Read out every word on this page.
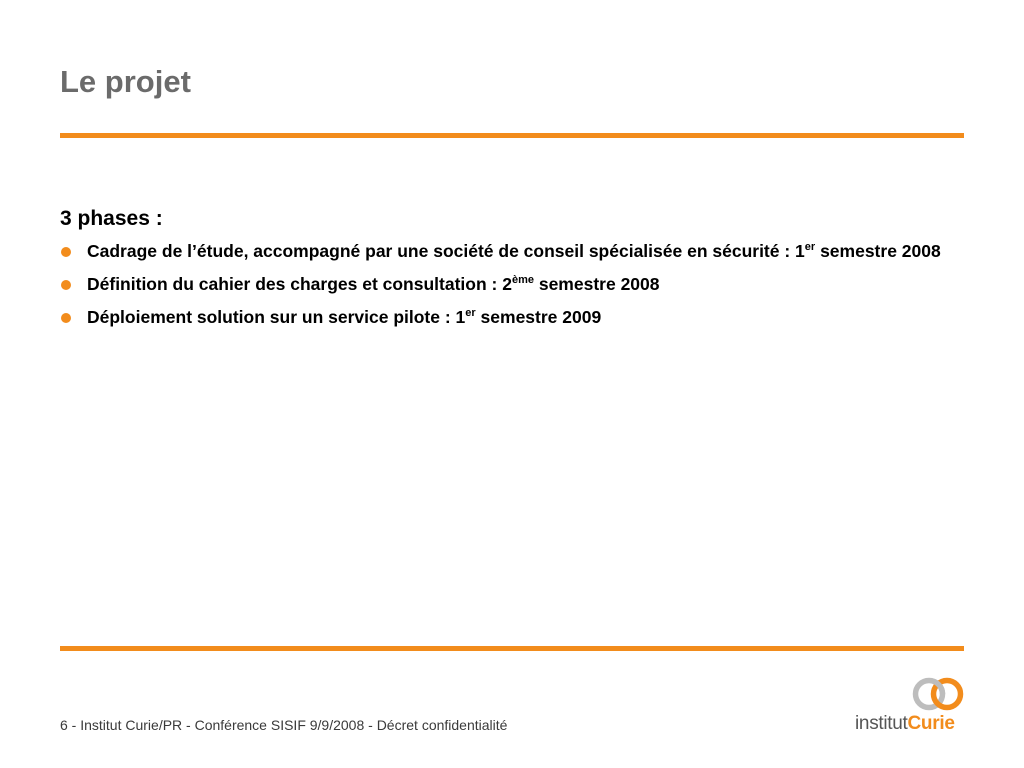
Le projet

3 phases :

Cadrage de l’étude, accompagné par une société de conseil spécialisée en sécurité : 1er semestre 2008
Définition du cahier des charges et consultation : 2ème semestre 2008
Déploiement solution sur un service pilote : 1er semestre 2009
6 - Institut Curie/PR - Conférence SISIF 9/9/2008 - Décret confidentialité	institutCurie
